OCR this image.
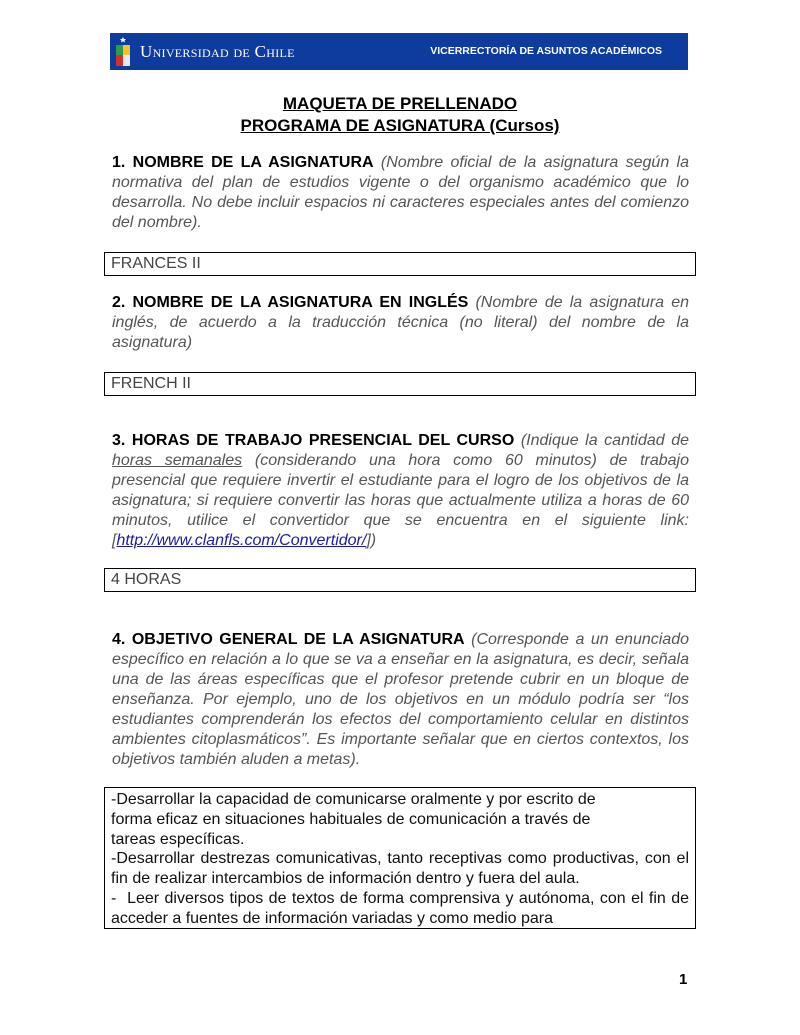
Universidad de Chile	VICERRECTORÍA DE ASUNTOS ACADÉMICOS
MAQUETA DE PRELLENADO
PROGRAMA DE ASIGNATURA (Cursos)
1. NOMBRE DE LA ASIGNATURA (Nombre oficial de la asignatura según la normativa del plan de estudios vigente o del organismo académico que lo desarrolla. No debe incluir espacios ni caracteres especiales antes del comienzo del nombre).
FRANCES II
2. NOMBRE DE LA ASIGNATURA EN INGLÉS (Nombre de la asignatura en inglés, de acuerdo a la traducción técnica (no literal) del nombre de la asignatura)
FRENCH II
3. HORAS DE TRABAJO PRESENCIAL DEL CURSO (Indique la cantidad de horas semanales (considerando una hora como 60 minutos) de trabajo presencial que requiere invertir el estudiante para el logro de los objetivos de la asignatura; si requiere convertir las horas que actualmente utiliza a horas de 60 minutos, utilice el convertidor que se encuentra en el siguiente link: [http://www.clanfls.com/Convertidor/])
4 HORAS
4. OBJETIVO GENERAL DE LA ASIGNATURA (Corresponde a un enunciado específico en relación a lo que se va a enseñar en la asignatura, es decir, señala una de las áreas específicas que el profesor pretende cubrir en un bloque de enseñanza. Por ejemplo, uno de los objetivos en un módulo podría ser “los estudiantes comprenderán los efectos del comportamiento celular en distintos ambientes citoplasmáticos”. Es importante señalar que en ciertos contextos, los objetivos también aluden a metas).
-Desarrollar la capacidad de comunicarse oralmente y por escrito de
forma eficaz en situaciones habituales de comunicación a través de
tareas específicas.
-Desarrollar destrezas comunicativas, tanto receptivas como productivas, con el fin de realizar intercambios de información dentro y fuera del aula.
-  Leer diversos tipos de textos de forma comprensiva y autónoma, con el fin de acceder a fuentes de información variadas y como medio para
1
